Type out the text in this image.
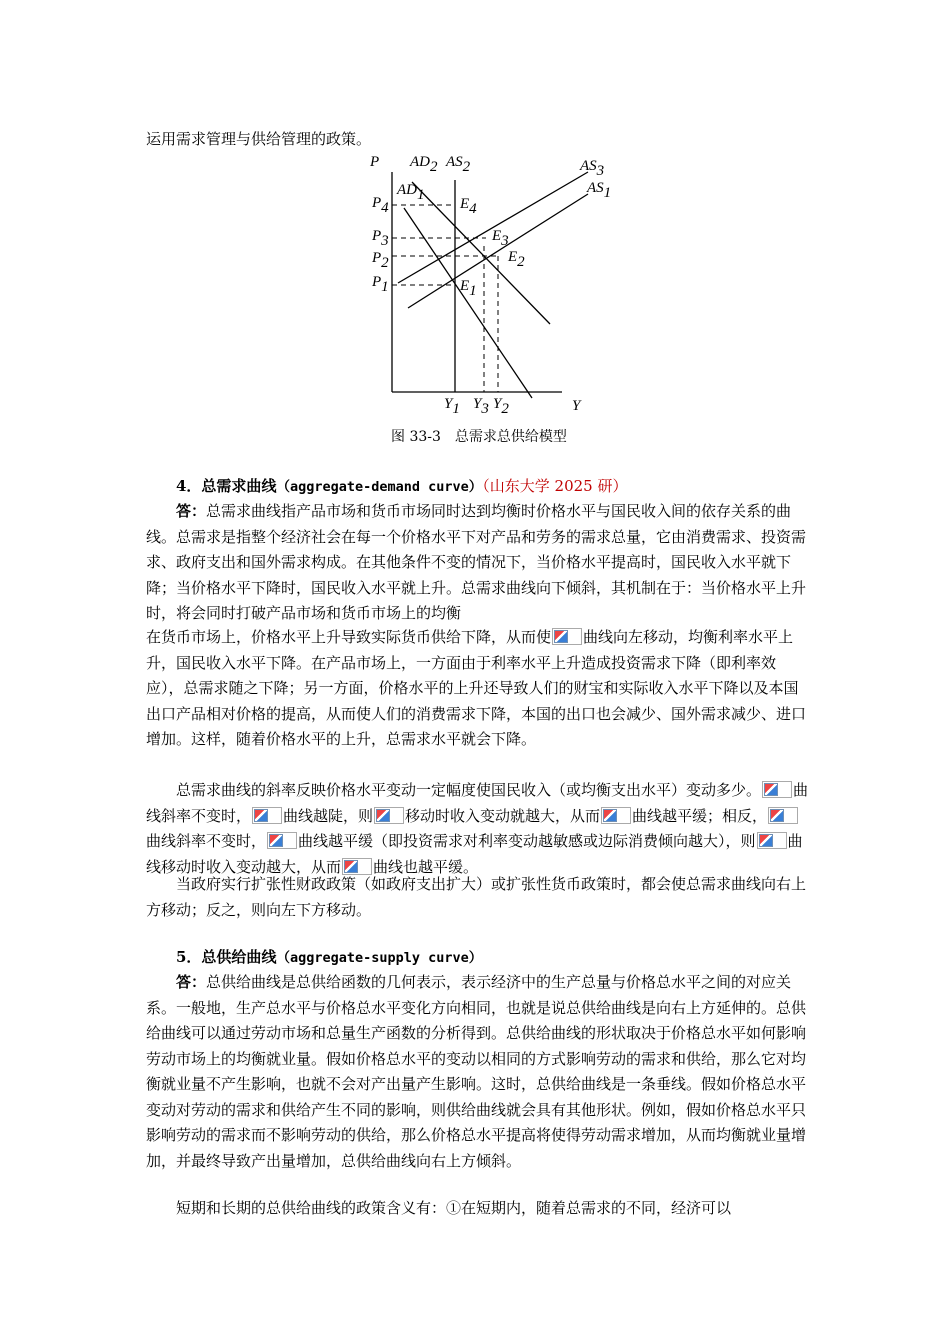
运用需求管理与供给管理的政策。
P
Y
P4
P3
P2
P1
Y1 Y3 Y2
AD2 AS2	AS3
AS1
AD1
E4
E3
E2
E1
图 33-3　总需求总供给模型
4．总需求曲线（aggregate-demand curve）（山东大学 2025 研）
答：总需求曲线指产品市场和货币市场同时达到均衡时价格水平与国民收入间的依存关系的曲线。总需求是指整个经济社会在每一个价格水平下对产品和劳务的需求总量，它由消费需求、投资需求、政府支出和国外需求构成。在其他条件不变的情况下，当价格水平提高时，国民收入水平就下降；当价格水平下降时，国民收入水平就上升。总需求曲线向下倾斜，其机制在于：当价格水平上升时，将会同时打破产品市场和货币市场上的均衡
在货币市场上，价格水平上升导致实际货币供给下降，从而使 曲线向左移动，均衡利率水平上升，国民收入水平下降。在产品市场上，一方面由于利率水平上升造成投资需求下降（即利率效应），总需求随之下降；另一方面，价格水平的上升还导致人们的财宝和实际收入水平下降以及本国出口产品相对价格的提高，从而使人们的消费需求下降，本国的出口也会减少、国外需求减少、进口增加。这样，随着价格水平的上升，总需求水平就会下降。
总需求曲线的斜率反映价格水平变动一定幅度使国民收入（或均衡支出水平）变动多少。 曲线斜率不变时， 曲线越陡，则 移动时收入变动就越大，从而 曲线越平缓；相反，
曲线斜率不变时， 曲线越平缓（即投资需求对利率变动越敏感或边际消费倾向越大），则 曲线移动时收入变动越大，从而 曲线也越平缓。
当政府实行扩张性财政政策（如政府支出扩大）或扩张性货币政策时，都会使总需求曲线向右上方移动；反之，则向左下方移动。
5．总供给曲线（aggregate-supply curve）
答：总供给曲线是总供给函数的几何表示，表示经济中的生产总量与价格总水平之间的对应关系。一般地，生产总水平与价格总水平变化方向相同，也就是说总供给曲线是向右上方延伸的。总供给曲线可以通过劳动市场和总量生产函数的分析得到。总供给曲线的形状取决于价格总水平如何影响劳动市场上的均衡就业量。假如价格总水平的变动以相同的方式影响劳动的需求和供给，那么它对均衡就业量不产生影响，也就不会对产出量产生影响。这时，总供给曲线是一条垂线。假如价格总水平变动对劳动的需求和供给产生不同的影响，则供给曲线就会具有其他形状。例如，假如价格总水平只影响劳动的需求而不影响劳动的供给，那么价格总水平提高将使得劳动需求增加，从而均衡就业量增加，并最终导致产出量增加，总供给曲线向右上方倾斜。
短期和长期的总供给曲线的政策含义有：①在短期内，随着总需求的不同，经济可以
